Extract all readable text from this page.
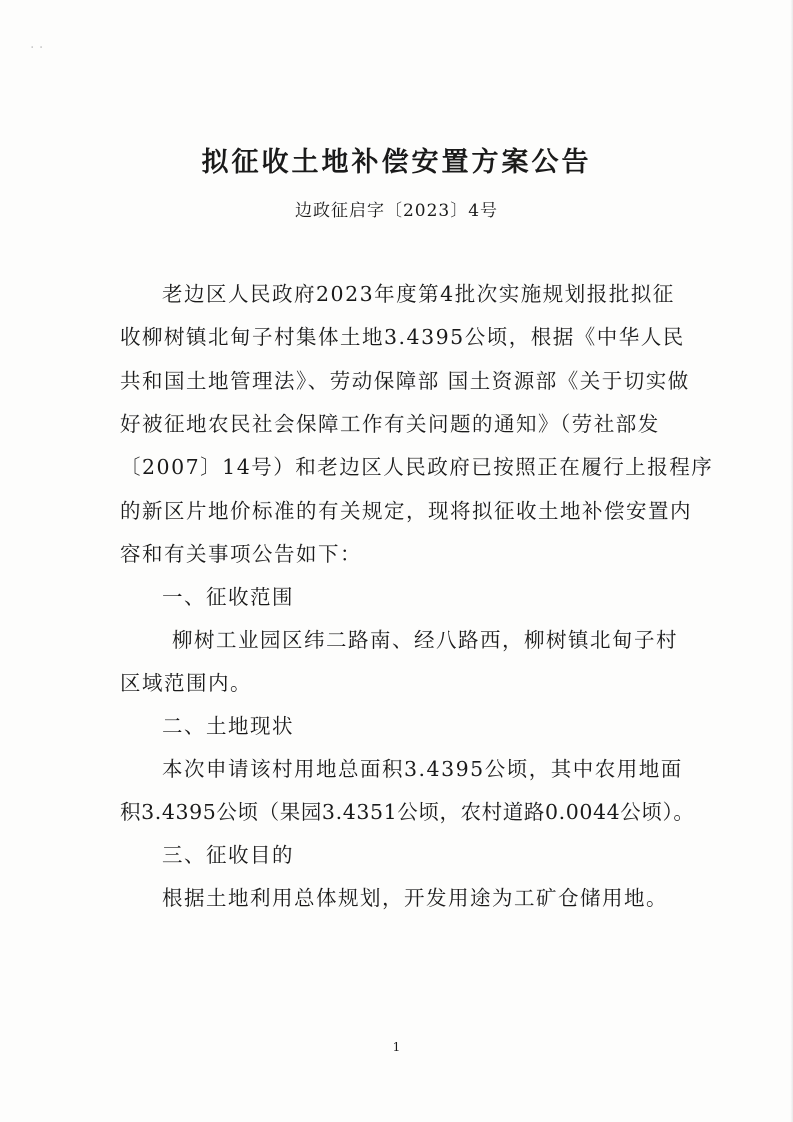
· ·
拟征收土地补偿安置方案公告
边政征启字〔2023〕4号
老边区人民政府2023年度第4批次实施规划报批拟征
收柳树镇北甸子村集体土地3.4395公顷，根据《中华人民
共和国土地管理法》、劳动保障部 国土资源部《关于切实做
好被征地农民社会保障工作有关问题的通知》（劳社部发
〔2007〕14号）和老边区人民政府已按照正在履行上报程序
的新区片地价标准的有关规定，现将拟征收土地补偿安置内
容和有关事项公告如下：
一、征收范围
柳树工业园区纬二路南、经八路西，柳树镇北甸子村
区域范围内。
二、土地现状
本次申请该村用地总面积3.4395公顷，其中农用地面
积3.4395公顷（果园3.4351公顷，农村道路0.0044公顷）。
三、征收目的
根据土地利用总体规划，开发用途为工矿仓储用地。
1
